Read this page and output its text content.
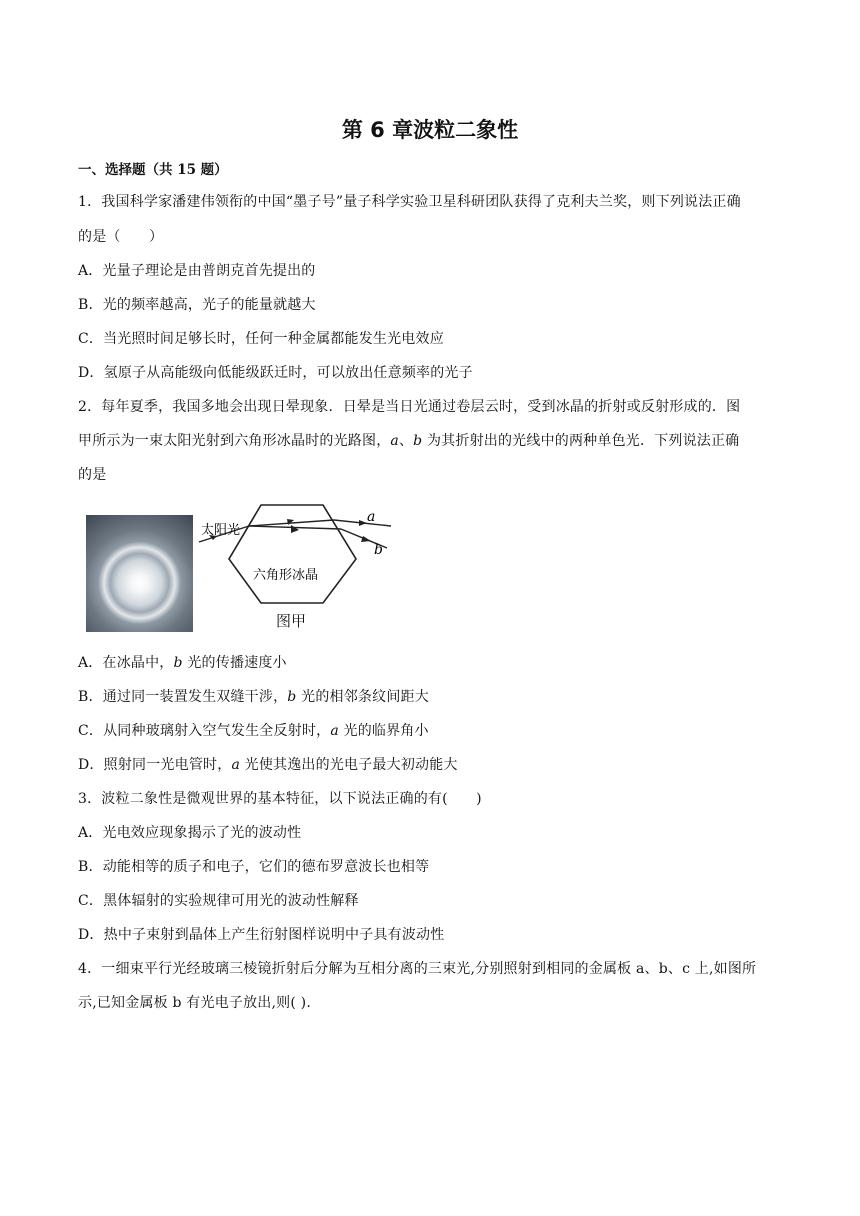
第 6 章波粒二象性
一、选择题（共 15 题）
1．我国科学家潘建伟领衔的中国“墨子号”量子科学实验卫星科研团队获得了克利夫兰奖，则下列说法正确
的是（　　）
A．光量子理论是由普朗克首先提出的
B．光的频率越高，光子的能量就越大
C．当光照时间足够长时，任何一种金属都能发生光电效应
D．氢原子从高能级向低能级跃迁时，可以放出任意频率的光子
2．每年夏季，我国多地会出现日晕现象．日晕是当日光通过卷层云时，受到冰晶的折射或反射形成的．图
甲所示为一束太阳光射到六角形冰晶时的光路图，a、b 为其折射出的光线中的两种单色光．下列说法正确
的是
太阳光
六角形冰晶
a
b
图甲
A．在冰晶中，b 光的传播速度小
B．通过同一装置发生双缝干涉，b 光的相邻条纹间距大
C．从同种玻璃射入空气发生全反射时，a 光的临界角小
D．照射同一光电管时，a 光使其逸出的光电子最大初动能大
3．波粒二象性是微观世界的基本特征，以下说法正确的有(　　)
A．光电效应现象揭示了光的波动性
B．动能相等的质子和电子，它们的德布罗意波长也相等
C．黑体辐射的实验规律可用光的波动性解释
D．热中子束射到晶体上产生衍射图样说明中子具有波动性
4．一细束平行光经玻璃三棱镜折射后分解为互相分离的三束光,分别照射到相同的金属板 a、b、c 上,如图所
示,已知金属板 b 有光电子放出,则( ).
